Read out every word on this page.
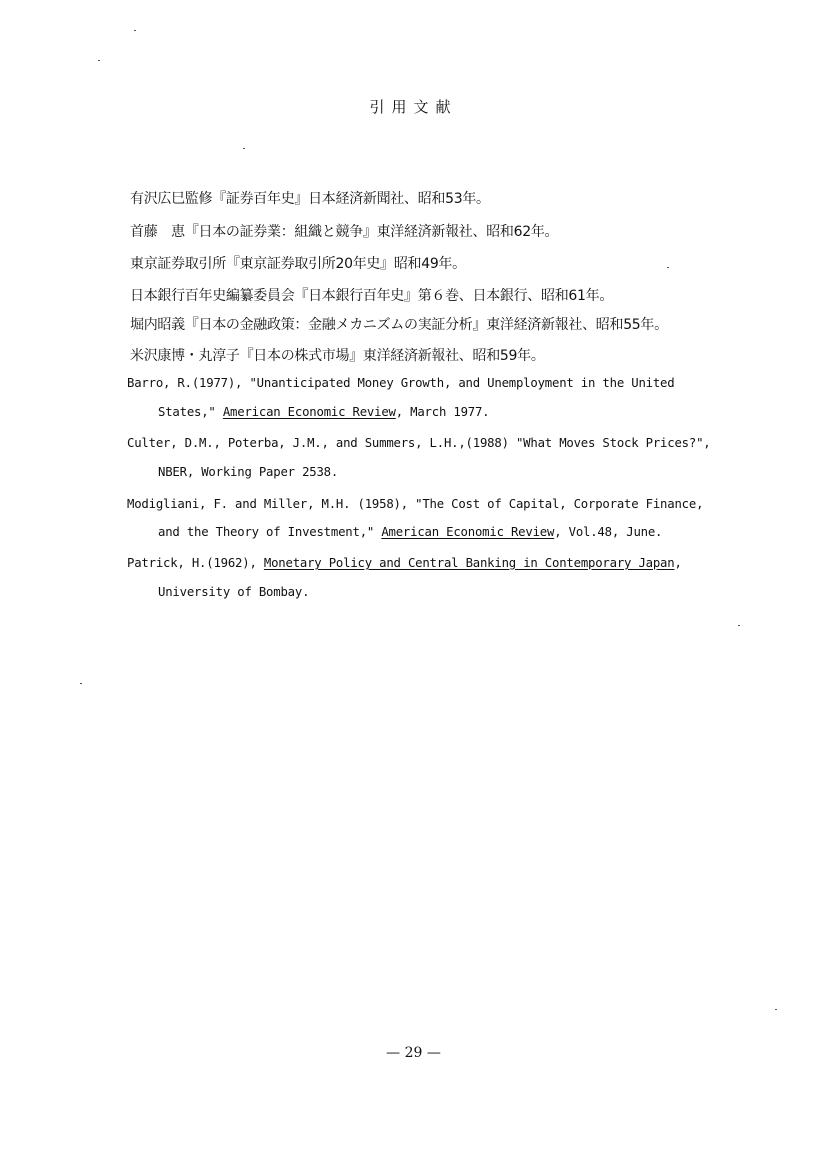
引用文献
有沢広巳監修『証券百年史』日本経済新聞社、昭和53年。
首藤　恵『日本の証券業：組織と競争』東洋経済新報社、昭和62年。
東京証券取引所『東京証券取引所20年史』昭和49年。
日本銀行百年史編纂委員会『日本銀行百年史』第６巻、日本銀行、昭和61年。
堀内昭義『日本の金融政策：金融メカニズムの実証分析』東洋経済新報社、昭和55年。
米沢康博・丸淳子『日本の株式市場』東洋経済新報社、昭和59年。
Barro, R.(1977), "Unanticipated Money Growth, and Unemployment in the United
States," American Economic Review, March 1977.
Culter, D.M., Poterba, J.M., and Summers, L.H.,(1988) "What Moves Stock Prices?",
NBER, Working Paper 2538.
Modigliani, F. and Miller, M.H. (1958), "The Cost of Capital, Corporate Finance,
and the Theory of Investment," American Economic Review, Vol.48, June.
Patrick, H.(1962), Monetary Policy and Central Banking in Contemporary Japan,
University of Bombay.
— 29 —
